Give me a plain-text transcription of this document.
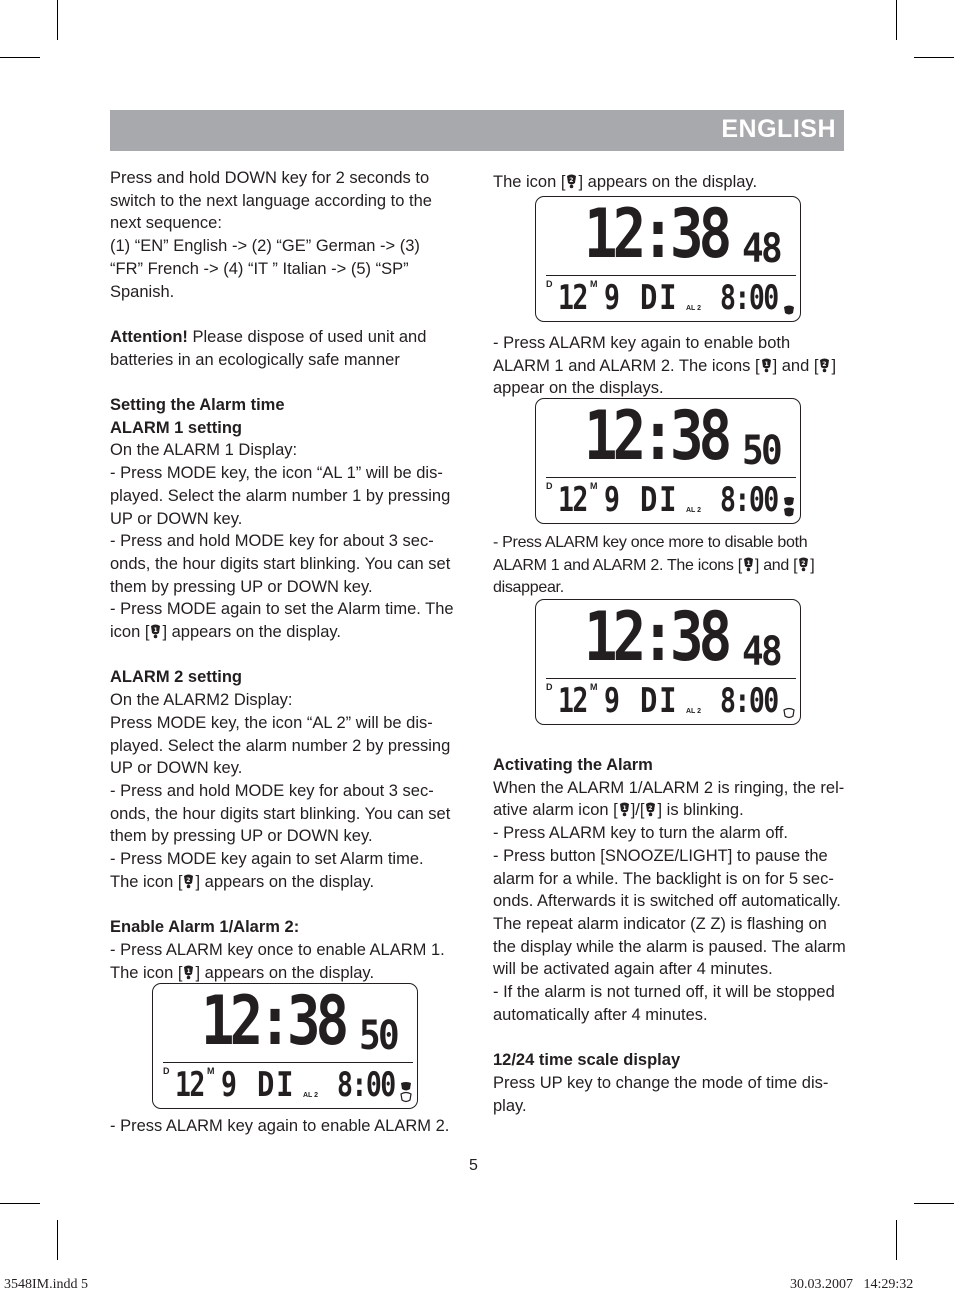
ENGLISH

Press and hold DOWN key for 2 seconds to switch to the next language according to the next sequence:

(1) “EN” English -> (2) “GE” German -> (3) “FR” French -> (4) “IT ” Italian -> (5) “SP” Spanish.

Attention! Please dispose of used unit and batteries in an ecologically safe manner

Setting the Alarm time

ALARM 1 setting

On the ALARM 1 Display:

- Press MODE key, the icon “AL 1” will be displayed. Select the alarm number 1 by pressing UP or DOWN key.

- Press and hold MODE key for about 3 seconds, the hour digits start blinking. You can set them by pressing UP or DOWN key.

- Press MODE again to set the Alarm time. The icon [ 1 ] appears on the display.

ALARM 2 setting

On the ALARM2 Display:

Press MODE key, the icon “AL 2” will be displayed. Select the alarm number 2 by pressing UP or DOWN key.

- Press and hold MODE key for about 3 seconds, the hour digits start blinking. You can set them by pressing UP or DOWN key.

- Press MODE key again to set Alarm time. The icon [ 2 ] appears on the display.

Enable Alarm 1/Alarm 2:

- Press ALARM key once to enable ALARM 1.

The icon [ 1 ] appears on the display.

- Press ALARM key again to enable ALARM 2.

The icon [ 2 ] appears on the display.

- Press ALARM key again to enable both ALARM 1 and ALARM 2. The icons [ 1 ] and [ 2 ] appear on the displays.

- Press ALARM key once more to disable both ALARM 1 and ALARM 2. The icons [ 1 ] and [ 2 ] disappear.

Activating the Alarm

When the ALARM 1/ALARM 2 is ringing, the relative alarm icon [ 1 ]/[ 2 ] is blinking.

- Press ALARM key to turn the alarm off.

- Press button [SNOOZE/LIGHT] to pause the alarm for a while. The backlight is on for 5 seconds. Afterwards it is switched off automatically. The repeat alarm indicator (Z Z) is flashing on the display while the alarm is paused. The alarm will be activated again after 4 minutes.

- If the alarm is not turned off, it will be stopped automatically after 4 minutes.

12/24 time scale display

Press UP key to change the mode of time display.

12:38 48
D 12 M 9 DI AL 2 8:00
12:38 50
D 12 M 9 DI AL 2 8:00
12:38 48
D 12 M 9 DI AL 2 8:00
12:38 50
D 12 M 9 DI AL 2 8:00
5
3548IM.indd 5	30.03.2007   14:29:32
